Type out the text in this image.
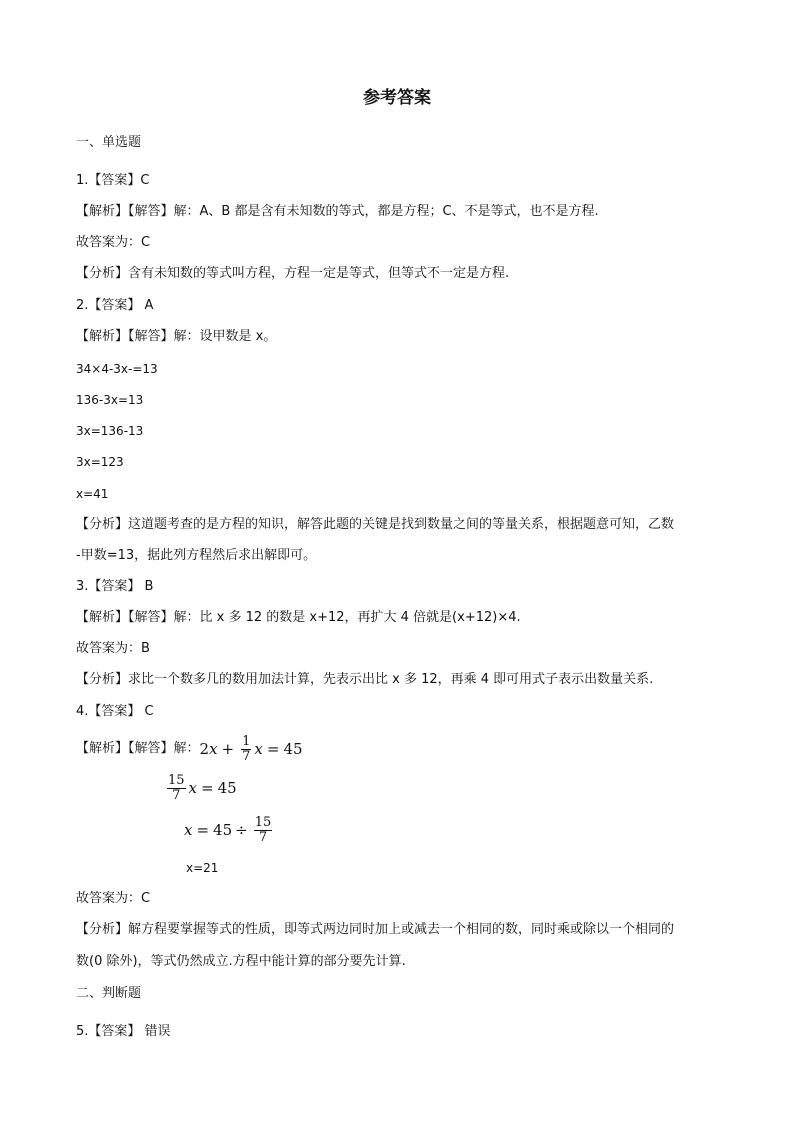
参考答案
一、单选题
1.【答案】C
【解析】【解答】解：A、B 都是含有未知数的等式，都是方程；C、不是等式，也不是方程.
故答案为：C
【分析】含有未知数的等式叫方程，方程一定是等式，但等式不一定是方程.
2.【答案】 A
【解析】【解答】解：设甲数是 x。
34×4-3x-=13
136-3x=13
3x=136-13
3x=123
x=41
【分析】这道题考查的是方程的知识，解答此题的关键是找到数量之间的等量关系，根据题意可知，乙数
-甲数=13，据此列方程然后求出解即可。
3.【答案】 B
【解析】【解答】解：比 x 多 12 的数是 x+12，再扩大 4 倍就是(x+12)×4.
故答案为：B
【分析】求比一个数多几的数用加法计算，先表示出比 x 多 12，再乘 4 即可用式子表示出数量关系.
4.【答案】 C
【解析】【解答】解： 2 $x + \frac{1}{7}$ x = 45
$\frac{15}{7}$ x = 45
$x = 45 \div \frac{15}{7}$
x=21
故答案为：C
【分析】解方程要掌握等式的性质，即等式两边同时加上或减去一个相同的数，同时乘或除以一个相同的
数(0 除外)，等式仍然成立.方程中能计算的部分要先计算.
二、判断题
5.【答案】 错误
